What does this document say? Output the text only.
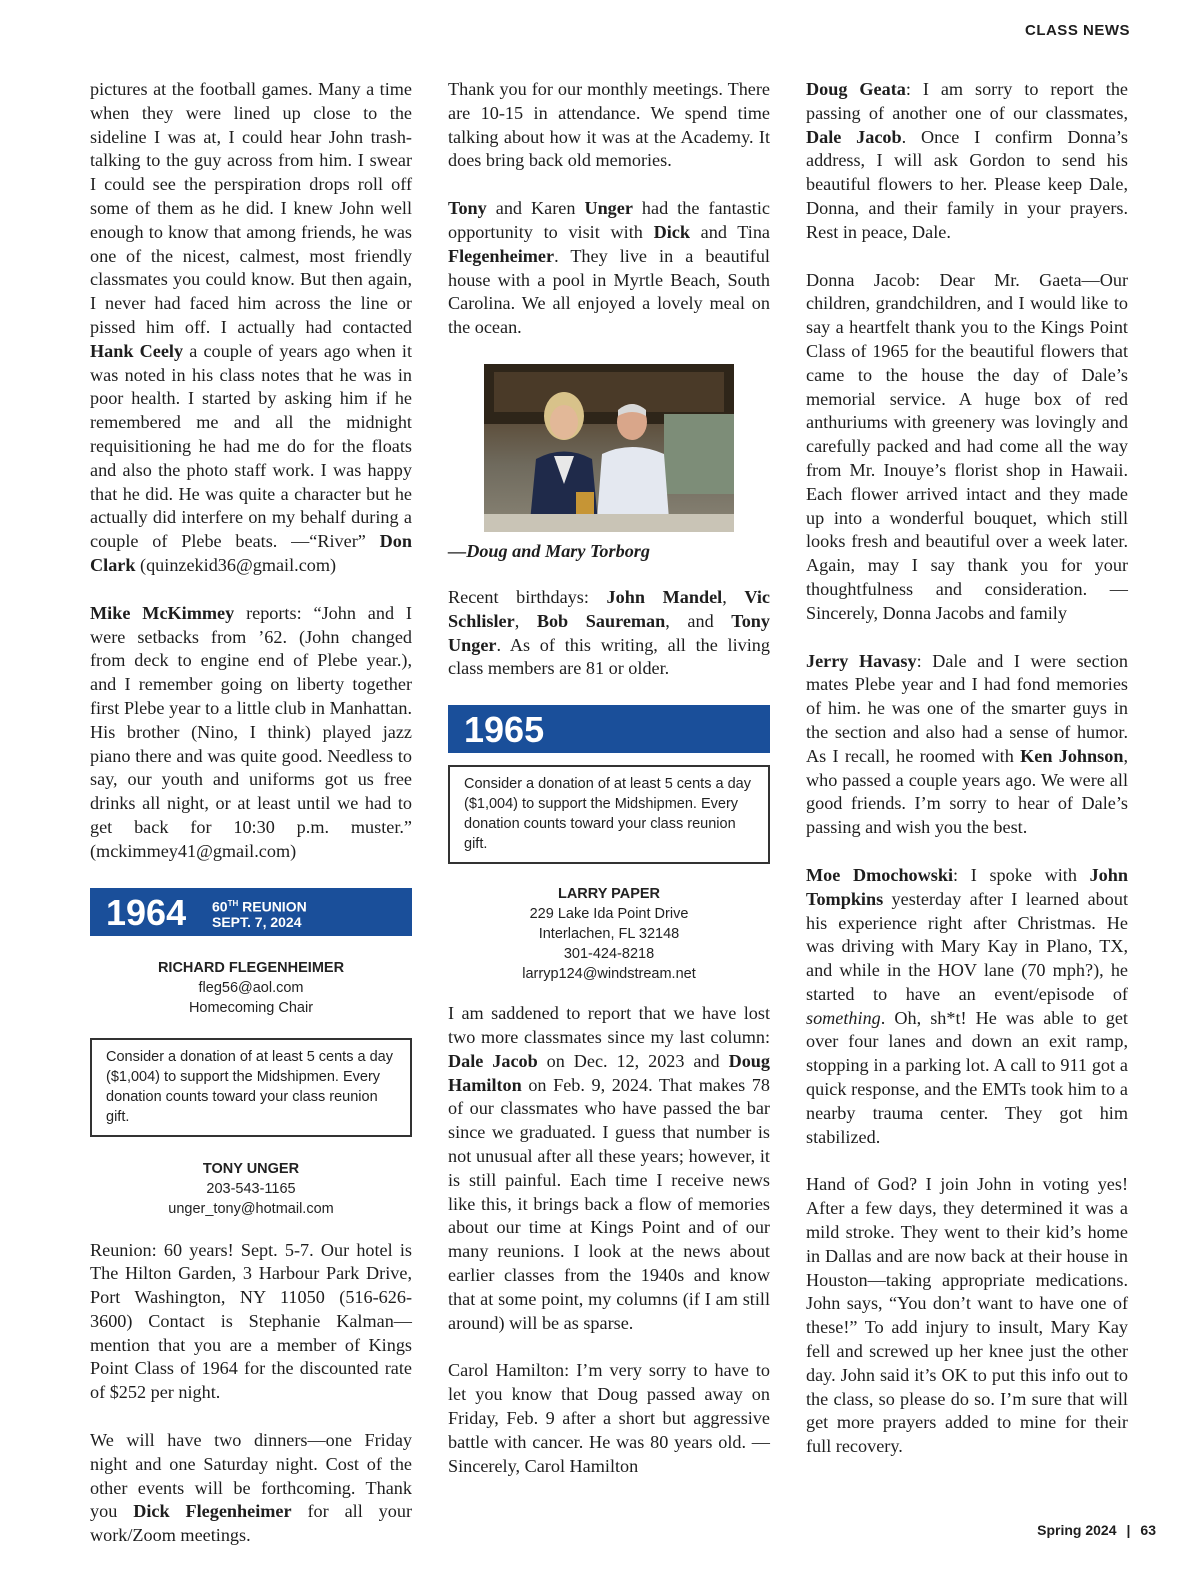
CLASS NEWS

pictures at the football games. Many a time when they were lined up close to the sideline I was at, I could hear John trash-talking to the guy across from him. I swear I could see the perspiration drops roll off some of them as he did. I knew John well enough to know that among friends, he was one of the nicest, calmest, most friendly classmates you could know. But then again, I never had faced him across the line or pissed him off. I actually had contacted Hank Ceely a couple of years ago when it was noted in his class notes that he was in poor health. I started by asking him if he remembered me and all the midnight requisitioning he had me do for the floats and also the photo staff work. I was happy that he did. He was quite a character but he actually did interfere on my behalf during a couple of Plebe beats. —“River” Don Clark (quinzekid36@gmail.com)

Mike McKimmey reports: “John and I were setbacks from ’62. (John changed from deck to engine end of Plebe year.), and I remember going on liberty together first Plebe year to a little club in Manhattan. His brother (Nino, I think) played jazz piano there and was quite good. Needless to say, our youth and uniforms got us free drinks all night, or at least until we had to get back for 10:30 p.m. muster.” (mckimmey41@gmail.com)

1964 60TH REUNION
SEPT. 7, 2024
RICHARD FLEGENHEIMER
fleg56@aol.com
Homecoming Chair
Consider a donation of at least 5 cents a day ($1,004) to support the Midshipmen. Every donation counts toward your class reunion gift.
TONY UNGER
203-543-1165
unger_tony@hotmail.com

Reunion: 60 years! Sept. 5-7. Our hotel is The Hilton Garden, 3 Harbour Park Drive, Port Washington, NY 11050 (516-626-3600) Contact is Stephanie Kalman—mention that you are a member of Kings Point Class of 1964 for the discounted rate of $252 per night.

We will have two dinners—one Friday night and one Saturday night. Cost of the other events will be forthcoming. Thank you Dick Flegenheimer for all your work/Zoom meetings.

Thank you for our monthly meetings. There are 10-15 in attendance. We spend time talking about how it was at the Academy. It does bring back old memories.

Tony and Karen Unger had the fantastic opportunity to visit with Dick and Tina Flegenheimer. They live in a beautiful house with a pool in Myrtle Beach, South Carolina. We all enjoyed a lovely meal on the ocean.

—Doug and Mary Torborg

Recent birthdays: John Mandel, Vic Schlisler, Bob Saureman, and Tony Unger. As of this writing, all the living class members are 81 or older.

1965
Consider a donation of at least 5 cents a day ($1,004) to support the Midshipmen. Every donation counts toward your class reunion gift.
LARRY PAPER
229 Lake Ida Point Drive
Interlachen, FL 32148
301-424-8218
larryp124@windstream.net

I am saddened to report that we have lost two more classmates since my last column: Dale Jacob on Dec. 12, 2023 and Doug Hamilton on Feb. 9, 2024. That makes 78 of our classmates who have passed the bar since we graduated. I guess that number is not unusual after all these years; however, it is still painful. Each time I receive news like this, it brings back a flow of memories about our time at Kings Point and of our many reunions. I look at the news about earlier classes from the 1940s and know that at some point, my columns (if I am still around) will be as sparse.

Carol Hamilton: I’m very sorry to have to let you know that Doug passed away on Friday, Feb. 9 after a short but aggressive battle with cancer. He was 80 years old. —Sincerely, Carol Hamilton

Doug Geata: I am sorry to report the passing of another one of our classmates, Dale Jacob. Once I confirm Donna’s address, I will ask Gordon to send his beautiful flowers to her. Please keep Dale, Donna, and their family in your prayers. Rest in peace, Dale.

Donna Jacob: Dear Mr. Gaeta—Our children, grandchildren, and I would like to say a heartfelt thank you to the Kings Point Class of 1965 for the beautiful flowers that came to the house the day of Dale’s memorial service. A huge box of red anthuriums with greenery was lovingly and carefully packed and had come all the way from Mr. Inouye’s florist shop in Hawaii. Each flower arrived intact and they made up into a wonderful bouquet, which still looks fresh and beautiful over a week later. Again, may I say thank you for your thoughtfulness and consideration. —Sincerely, Donna Jacobs and family

Jerry Havasy: Dale and I were section mates Plebe year and I had fond memories of him. he was one of the smarter guys in the section and also had a sense of humor. As I recall, he roomed with Ken Johnson, who passed a couple years ago. We were all good friends. I’m sorry to hear of Dale’s passing and wish you the best.

Moe Dmochowski: I spoke with John Tompkins yesterday after I learned about his experience right after Christmas. He was driving with Mary Kay in Plano, TX, and while in the HOV lane (70 mph?), he started to have an event/episode of something. Oh, sh*t! He was able to get over four lanes and down an exit ramp, stopping in a parking lot. A call to 911 got a quick response, and the EMTs took him to a nearby trauma center. They got him stabilized.

Hand of God? I join John in voting yes! After a few days, they determined it was a mild stroke. They went to their kid’s home in Dallas and are now back at their house in Houston—taking appropriate medications. John says, “You don’t want to have one of these!” To add injury to insult, Mary Kay fell and screwed up her knee just the other day. John said it’s OK to put this info out to the class, so please do so. I’m sure that will get more prayers added to mine for their full recovery.

Spring 2024 | 63
